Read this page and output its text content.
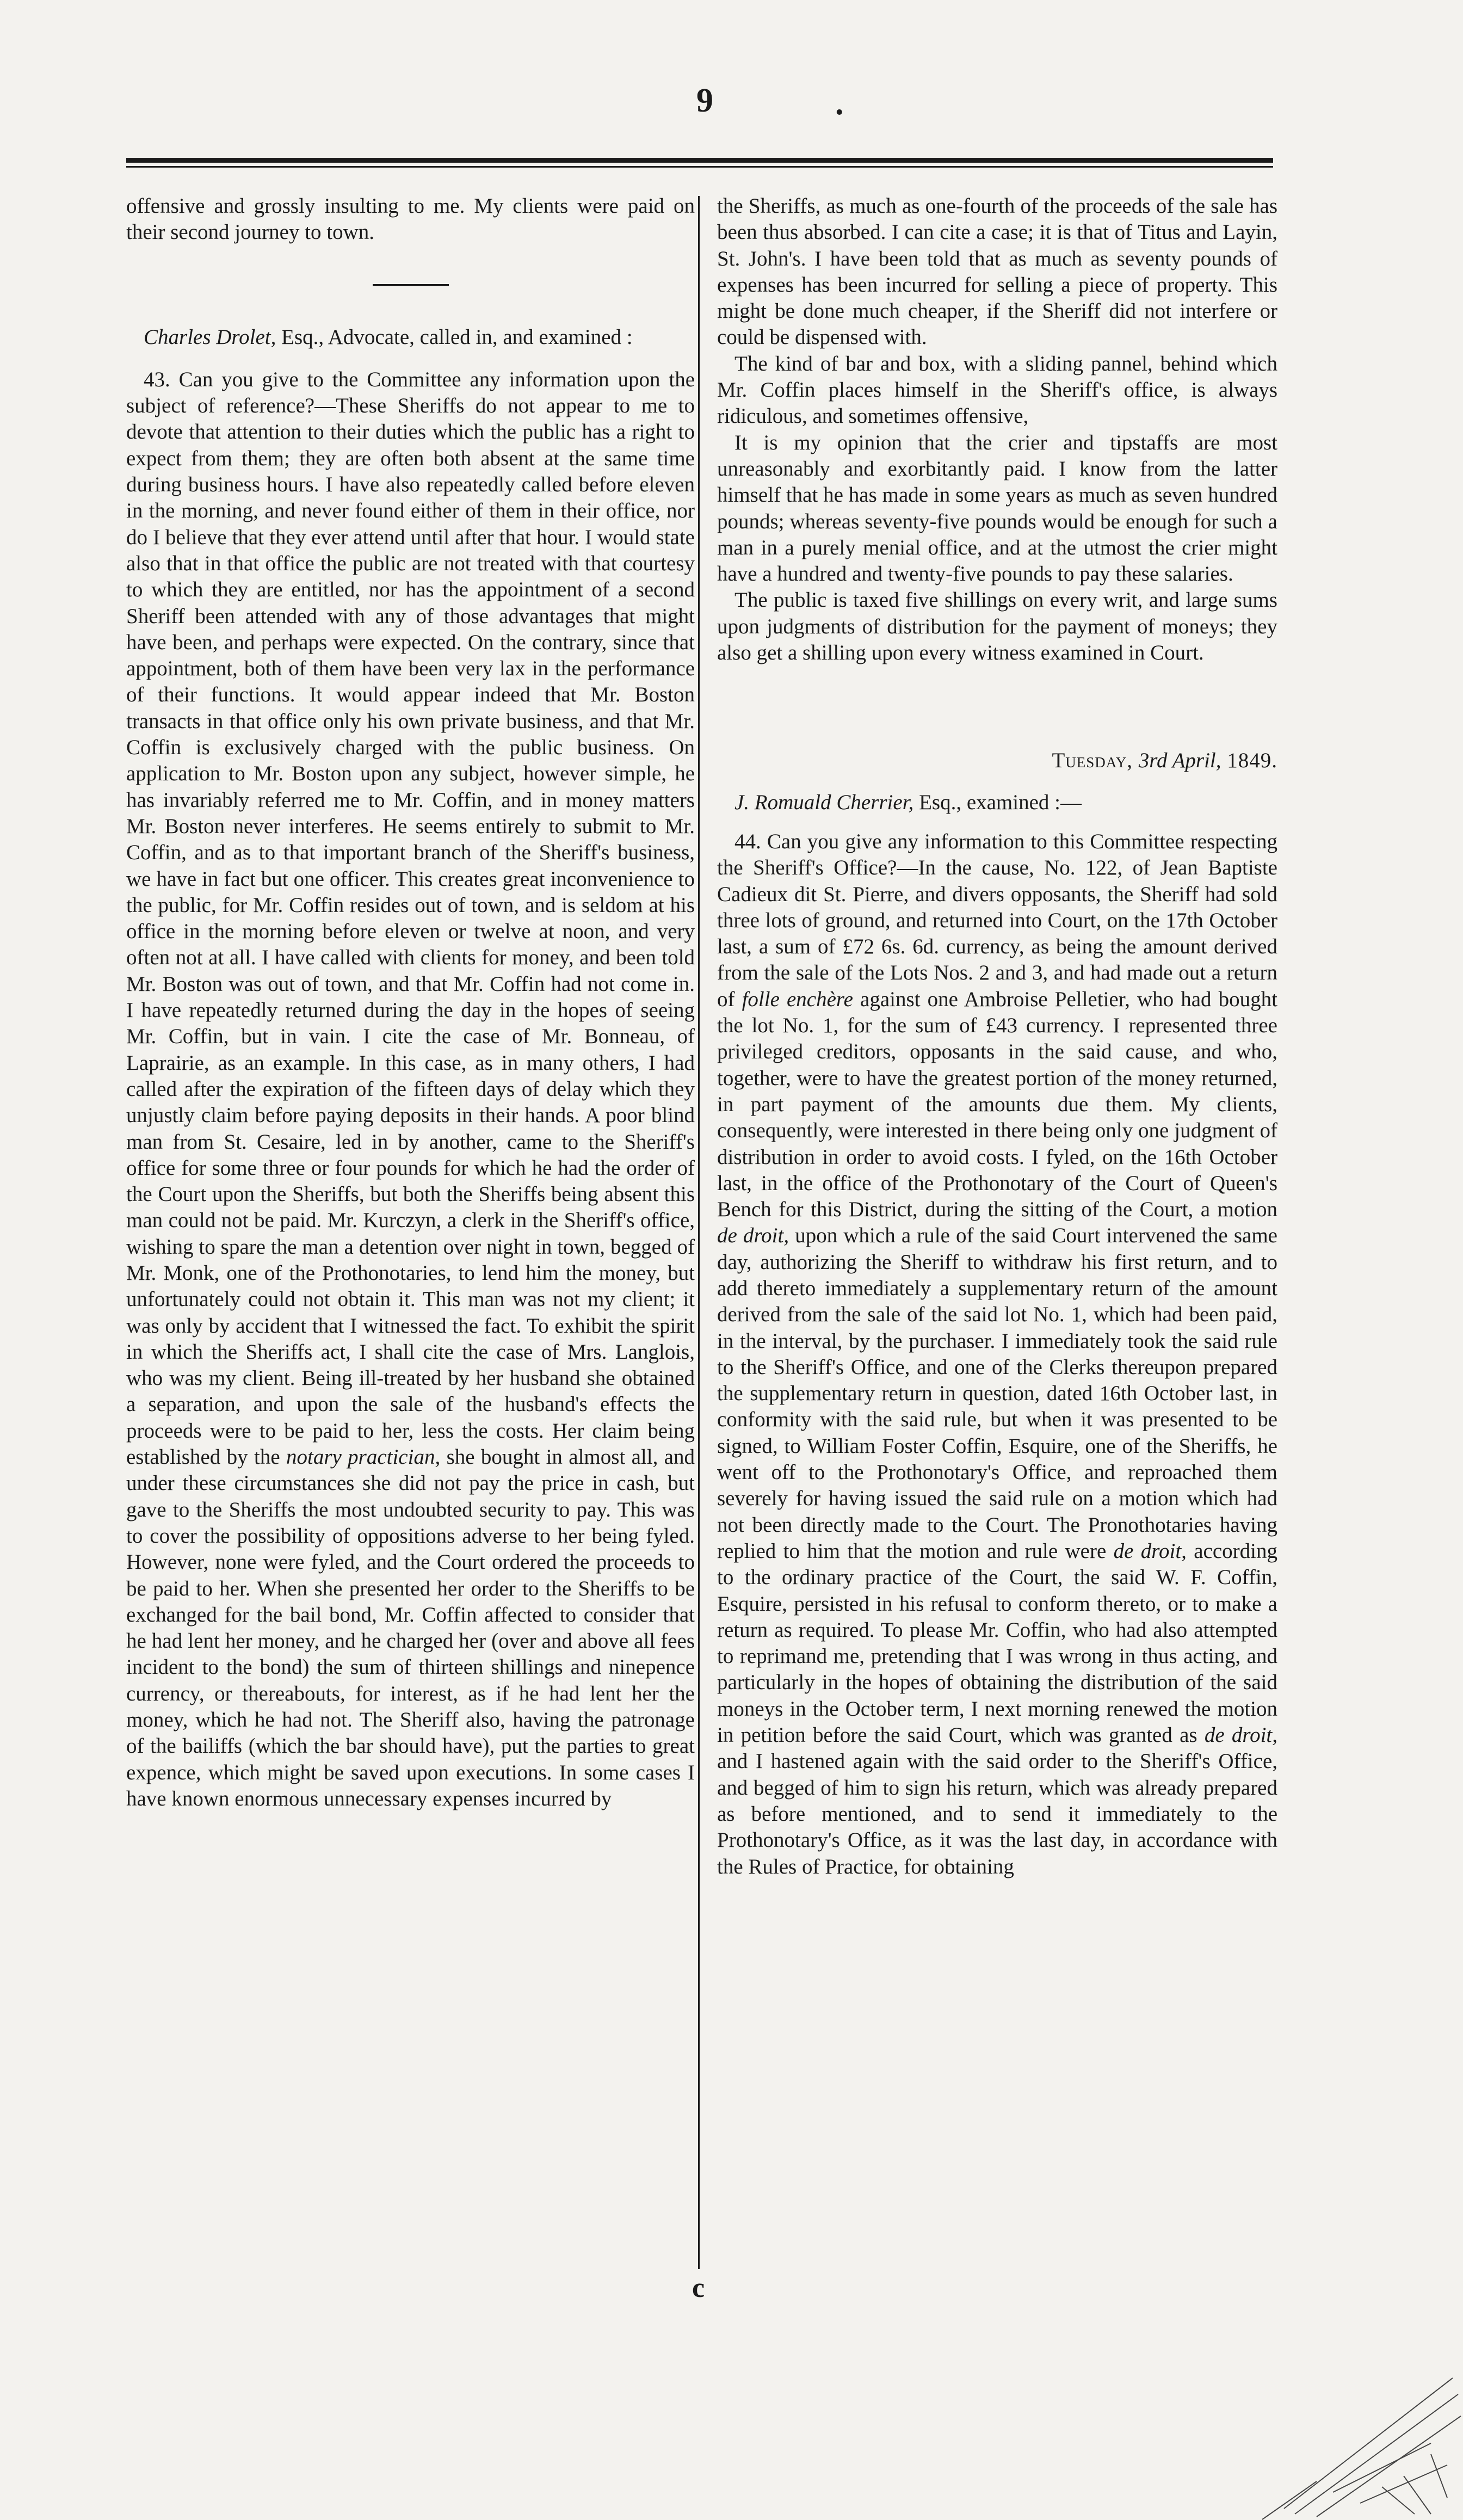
9	.

offensive and grossly insulting to me. My clients were paid on their second journey to town.

Charles Drolet, Esq., Advocate, called in, and examined :

43. Can you give to the Committee any information upon the subject of reference?—These Sheriffs do not appear to me to devote that attention to their duties which the public has a right to expect from them; they are often both absent at the same time during business hours. I have also repeatedly called before eleven in the morning, and never found either of them in their office, nor do I believe that they ever attend until after that hour. I would state also that in that office the public are not treated with that courtesy to which they are entitled, nor has the appointment of a second Sheriff been attended with any of those advantages that might have been, and perhaps were expected. On the contrary, since that appointment, both of them have been very lax in the performance of their functions. It would appear indeed that Mr. Boston transacts in that office only his own private business, and that Mr. Coffin is exclusively charged with the public business. On application to Mr. Boston upon any subject, however simple, he has invariably referred me to Mr. Coffin, and in money matters Mr. Boston never interferes. He seems entirely to submit to Mr. Coffin, and as to that important branch of the Sheriff's business, we have in fact but one officer. This creates great inconvenience to the public, for Mr. Coffin resides out of town, and is seldom at his office in the morning before eleven or twelve at noon, and very often not at all. I have called with clients for money, and been told Mr. Boston was out of town, and that Mr. Coffin had not come in. I have repeatedly returned during the day in the hopes of seeing Mr. Coffin, but in vain. I cite the case of Mr. Bonneau, of Laprairie, as an example. In this case, as in many others, I had called after the expiration of the fifteen days of delay which they unjustly claim before paying deposits in their hands. A poor blind man from St. Cesaire, led in by another, came to the Sheriff's office for some three or four pounds for which he had the order of the Court upon the Sheriffs, but both the Sheriffs being absent this man could not be paid. Mr. Kurczyn, a clerk in the Sheriff's office, wishing to spare the man a detention over night in town, begged of Mr. Monk, one of the Prothonotaries, to lend him the money, but unfortunately could not obtain it. This man was not my client; it was only by accident that I witnessed the fact. To exhibit the spirit in which the Sheriffs act, I shall cite the case of Mrs. Langlois, who was my client. Being ill-treated by her husband she obtained a separation, and upon the sale of the husband's effects the proceeds were to be paid to her, less the costs. Her claim being established by the notary practician, she bought in almost all, and under these circumstances she did not pay the price in cash, but gave to the Sheriffs the most undoubted security to pay. This was to cover the possibility of oppositions adverse to her being fyled. However, none were fyled, and the Court ordered the proceeds to be paid to her. When she presented her order to the Sheriffs to be exchanged for the bail bond, Mr. Coffin affected to consider that he had lent her money, and he charged her (over and above all fees incident to the bond) the sum of thirteen shillings and ninepence currency, or thereabouts, for interest, as if he had lent her the money, which he had not. The Sheriff also, having the patronage of the bailiffs (which the bar should have), put the parties to great expence, which might be saved upon executions. In some cases I have known enormous unnecessary expenses incurred by

the Sheriffs, as much as one-fourth of the proceeds of the sale has been thus absorbed. I can cite a case; it is that of Titus and Layin, St. John's. I have been told that as much as seventy pounds of expenses has been incurred for selling a piece of property. This might be done much cheaper, if the Sheriff did not interfere or could be dispensed with.

The kind of bar and box, with a sliding pannel, behind which Mr. Coffin places himself in the Sheriff's office, is always ridiculous, and sometimes offensive,

It is my opinion that the crier and tipstaffs are most unreasonably and exorbitantly paid. I know from the latter himself that he has made in some years as much as seven hundred pounds; whereas seventy-five pounds would be enough for such a man in a purely menial office, and at the utmost the crier might have a hundred and twenty-five pounds to pay these salaries.

The public is taxed five shillings on every writ, and large sums upon judgments of distribution for the payment of moneys; they also get a shilling upon every witness examined in Court.

Tuesday, 3rd April, 1849.

J. Romuald Cherrier, Esq., examined :—

44. Can you give any information to this Committee respecting the Sheriff's Office?—In the cause, No. 122, of Jean Baptiste Cadieux dit St. Pierre, and divers opposants, the Sheriff had sold three lots of ground, and returned into Court, on the 17th October last, a sum of £72 6s. 6d. currency, as being the amount derived from the sale of the Lots Nos. 2 and 3, and had made out a return of folle enchère against one Ambroise Pelletier, who had bought the lot No. 1, for the sum of £43 currency. I represented three privileged creditors, opposants in the said cause, and who, together, were to have the greatest portion of the money returned, in part payment of the amounts due them. My clients, consequently, were interested in there being only one judgment of distribution in order to avoid costs. I fyled, on the 16th October last, in the office of the Prothonotary of the Court of Queen's Bench for this District, during the sitting of the Court, a motion de droit, upon which a rule of the said Court intervened the same day, authorizing the Sheriff to withdraw his first return, and to add thereto immediately a supplementary return of the amount derived from the sale of the said lot No. 1, which had been paid, in the interval, by the purchaser. I immediately took the said rule to the Sheriff's Office, and one of the Clerks thereupon prepared the supplementary return in question, dated 16th October last, in conformity with the said rule, but when it was presented to be signed, to William Foster Coffin, Esquire, one of the Sheriffs, he went off to the Prothonotary's Office, and reproached them severely for having issued the said rule on a motion which had not been directly made to the Court. The Pronothotaries having replied to him that the motion and rule were de droit, according to the ordinary practice of the Court, the said W. F. Coffin, Esquire, persisted in his refusal to conform thereto, or to make a return as required. To please Mr. Coffin, who had also attempted to reprimand me, pretending that I was wrong in thus acting, and particularly in the hopes of obtaining the distribution of the said moneys in the October term, I next morning renewed the motion in petition before the said Court, which was granted as de droit, and I hastened again with the said order to the Sheriff's Office, and begged of him to sign his return, which was already prepared as before mentioned, and to send it immediately to the Prothonotary's Office, as it was the last day, in accordance with the Rules of Practice, for obtaining

c
